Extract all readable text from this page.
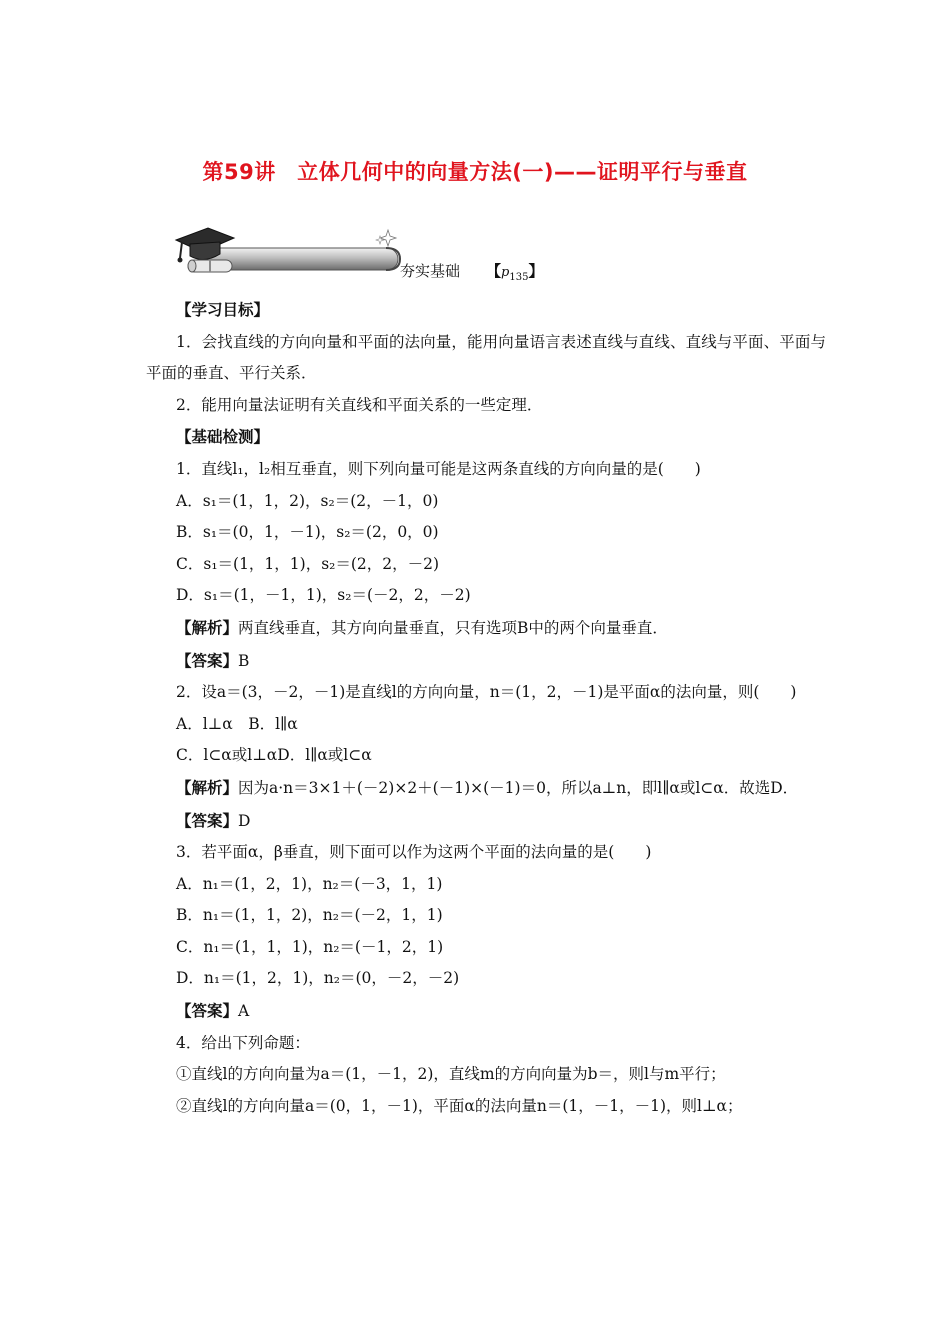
第59讲　立体几何中的向量方法(一)——证明平行与垂直
夯实基础 【$p_{135}$】

【学习目标】

1．会找直线的方向向量和平面的法向量，能用向量语言表述直线与直线、直线与平面、平面与平面的垂直、平行关系．

2．能用向量法证明有关直线和平面关系的一些定理．

【基础检测】

1．直线l₁，l₂相互垂直，则下列向量可能是这两条直线的方向向量的是(　　)

A．s₁＝(1，1，2)，s₂＝(2，－1，0)

B．s₁＝(0，1，－1)，s₂＝(2，0，0)

C．s₁＝(1，1，1)，s₂＝(2，2，－2)

D．s₁＝(1，－1，1)，s₂＝(－2，2，－2)

【解析】两直线垂直，其方向向量垂直，只有选项B中的两个向量垂直．

【答案】B

2．设a＝(3，－2，－1)是直线l的方向向量，n＝(1，2，－1)是平面α的法向量，则(　　)

A．l⊥α　B．l∥α

C．l⊂α或l⊥αD．l∥α或l⊂α

【解析】因为a·n＝3×1＋(－2)×2＋(－1)×(－1)＝0，所以a⊥n，即l∥α或l⊂α．故选D．

【答案】D

3．若平面α，β垂直，则下面可以作为这两个平面的法向量的是(　　)

A．n₁＝(1，2，1)，n₂＝(－3，1，1)

B．n₁＝(1，1，2)，n₂＝(－2，1，1)

C．n₁＝(1，1，1)，n₂＝(－1，2，1)

D．n₁＝(1，2，1)，n₂＝(0，－2，－2)

【答案】A

4．给出下列命题：

①直线l的方向向量为a＝(1，－1，2)，直线m的方向向量为b＝，则l与m平行；

②直线l的方向向量a＝(0，1，－1)，平面α的法向量n＝(1，－1，－1)，则l⊥α；
